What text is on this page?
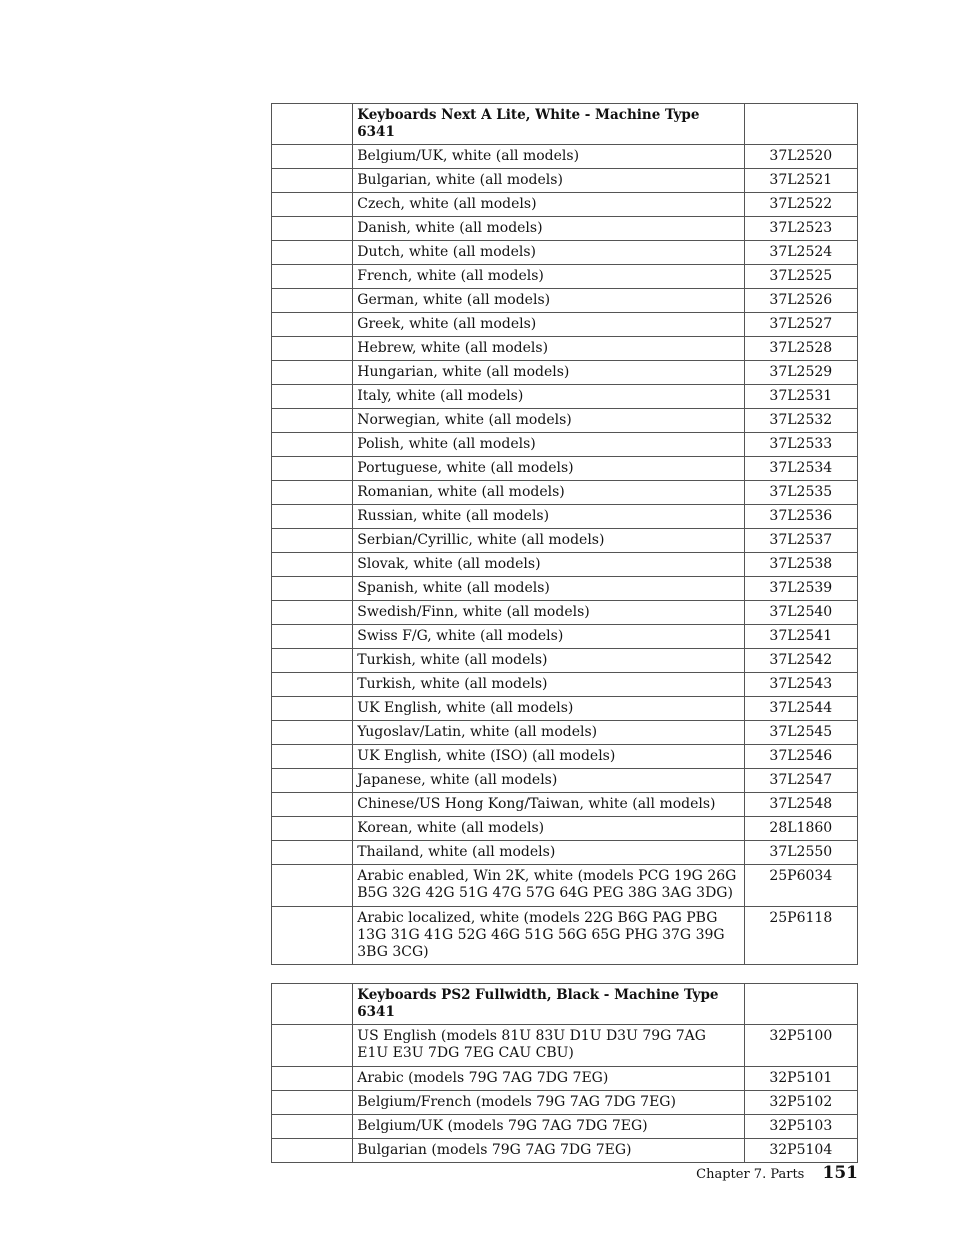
	Keyboards Next A Lite, White - Machine Type 6341	
	Belgium/UK, white (all models)	37L2520
	Bulgarian, white (all models)	37L2521
	Czech, white (all models)	37L2522
	Danish, white (all models)	37L2523
	Dutch, white (all models)	37L2524
	French, white (all models)	37L2525
	German, white (all models)	37L2526
	Greek, white (all models)	37L2527
	Hebrew, white (all models)	37L2528
	Hungarian, white (all models)	37L2529
	Italy, white (all models)	37L2531
	Norwegian, white (all models)	37L2532
	Polish, white (all models)	37L2533
	Portuguese, white (all models)	37L2534
	Romanian, white (all models)	37L2535
	Russian, white (all models)	37L2536
	Serbian/Cyrillic, white (all models)	37L2537
	Slovak, white (all models)	37L2538
	Spanish, white (all models)	37L2539
	Swedish/Finn, white (all models)	37L2540
	Swiss F/G, white (all models)	37L2541
	Turkish, white (all models)	37L2542
	Turkish, white (all models)	37L2543
	UK English, white (all models)	37L2544
	Yugoslav/Latin, white (all models)	37L2545
	UK English, white (ISO) (all models)	37L2546
	Japanese, white (all models)	37L2547
	Chinese/US Hong Kong/Taiwan, white (all models)	37L2548
	Korean, white (all models)	28L1860
	Thailand, white (all models)	37L2550
	Arabic enabled, Win 2K, white (models PCG 19G 26G B5G 32G 42G 51G 47G 57G 64G PEG 38G 3AG 3DG)	25P6034
	Arabic localized, white (models 22G B6G PAG PBG 13G 31G 41G 52G 46G 51G 56G 65G PHG 37G 39G 3BG 3CG)	25P6118
	Keyboards PS2 Fullwidth, Black - Machine Type 6341	
	US English (models 81U 83U D1U D3U 79G 7AG E1U E3U 7DG 7EG CAU CBU)	32P5100
	Arabic (models 79G 7AG 7DG 7EG)	32P5101
	Belgium/French (models 79G 7AG 7DG 7EG)	32P5102
	Belgium/UK (models 79G 7AG 7DG 7EG)	32P5103
	Bulgarian (models 79G 7AG 7DG 7EG)	32P5104
Chapter 7. Parts 151
